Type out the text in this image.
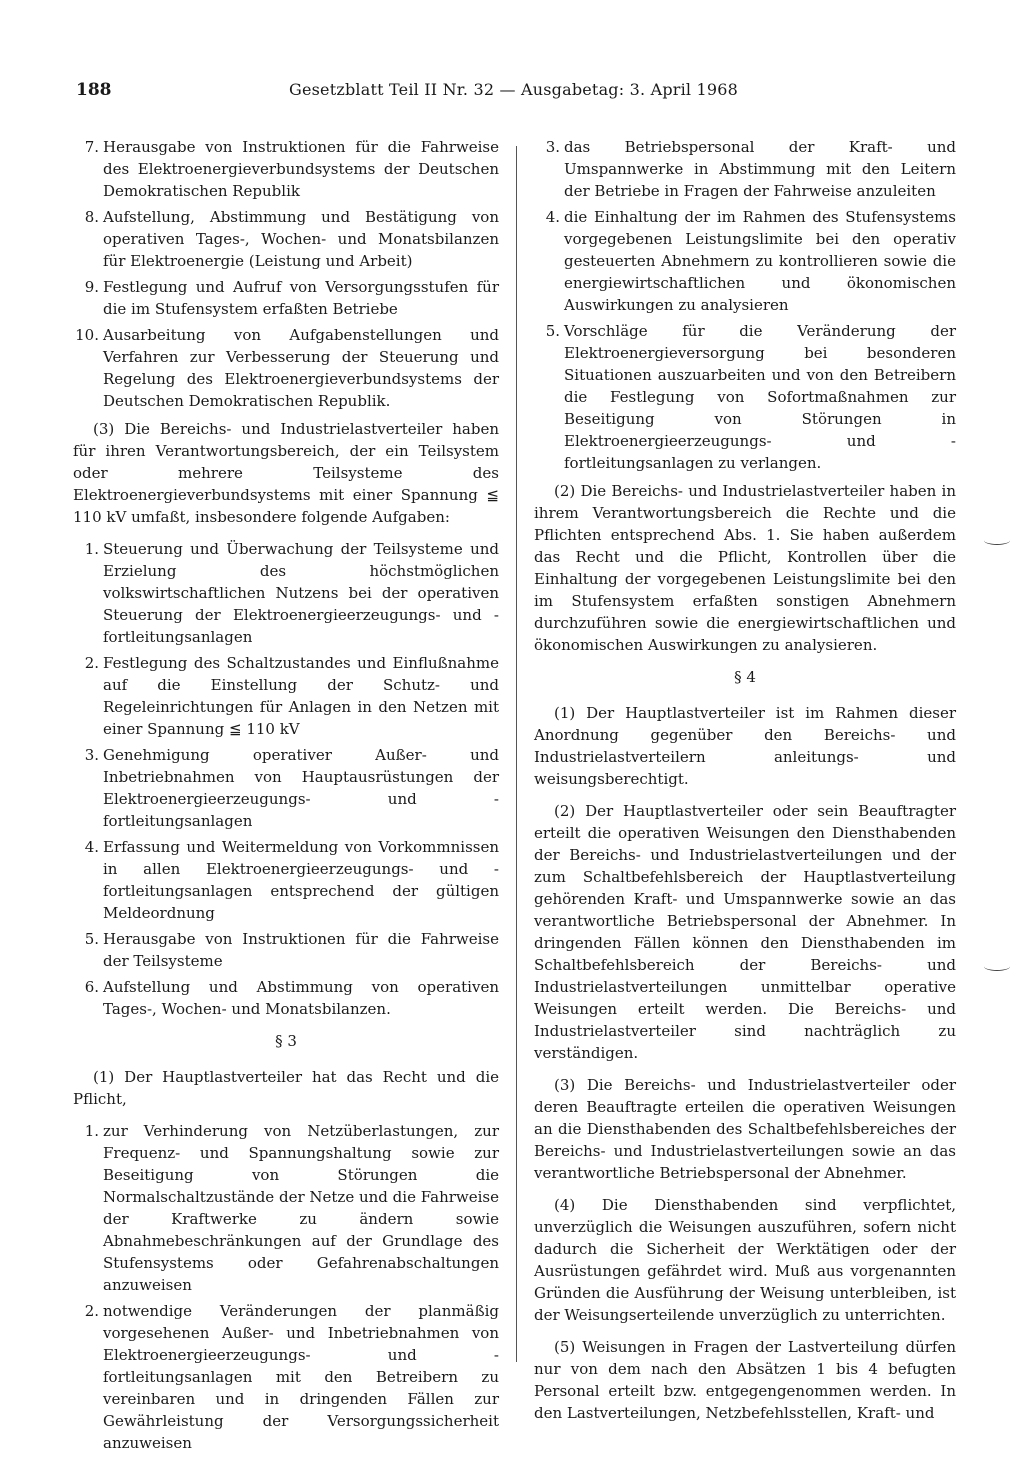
188	Gesetzblatt Teil II Nr. 32 — Ausgabetag: 3. April 1968
7. Herausgabe von Instruktionen für die Fahrweise des Elektroenergieverbundsystems der Deutschen Demokratischen Republik
8. Aufstellung, Abstimmung und Bestätigung von operativen Tages-, Wochen- und Monatsbilanzen für Elektroenergie (Leistung und Arbeit)
9. Festlegung und Aufruf von Versorgungsstufen für die im Stufensystem erfaßten Betriebe
10. Ausarbeitung von Aufgabenstellungen und Verfahren zur Verbesserung der Steuerung und Regelung des Elektroenergieverbundsystems der Deutschen Demokratischen Republik.

(3) Die Bereichs- und Industrielastverteiler haben für ihren Verantwortungsbereich, der ein Teilsystem oder mehrere Teilsysteme des Elektroenergieverbundsystems mit einer Spannung ≦ 110 kV umfaßt, insbesondere folgende Aufgaben:

1. Steuerung und Überwachung der Teilsysteme und Erzielung des höchstmöglichen volkswirtschaftlichen Nutzens bei der operativen Steuerung der Elektroenergieerzeugungs- und -fortleitungsanlagen
2. Festlegung des Schaltzustandes und Einflußnahme auf die Einstellung der Schutz- und Regeleinrichtungen für Anlagen in den Netzen mit einer Spannung ≦ 110 kV
3. Genehmigung operativer Außer- und Inbetriebnahmen von Hauptausrüstungen der Elektroenergieerzeugungs- und -fortleitungsanlagen
4. Erfassung und Weitermeldung von Vorkommnissen in allen Elektroenergieerzeugungs- und -fortleitungsanlagen entsprechend der gültigen Meldeordnung
5. Herausgabe von Instruktionen für die Fahrweise der Teilsysteme
6. Aufstellung und Abstimmung von operativen Tages-, Wochen- und Monatsbilanzen.
§ 3

(1) Der Hauptlastverteiler hat das Recht und die Pflicht,

1. zur Verhinderung von Netzüberlastungen, zur Frequenz- und Spannungshaltung sowie zur Beseitigung von Störungen die Normalschaltzustände der Netze und die Fahrweise der Kraftwerke zu ändern sowie Abnahmebeschränkungen auf der Grundlage des Stufensystems oder Gefahrenabschaltungen anzuweisen
2. notwendige Veränderungen der planmäßig vorgesehenen Außer- und Inbetriebnahmen von Elektroenergieerzeugungs- und -fortleitungsanlagen mit den Betreibern zu vereinbaren und in dringenden Fällen zur Gewährleistung der Versorgungssicherheit anzuweisen
3. das Betriebspersonal der Kraft- und Umspannwerke in Abstimmung mit den Leitern der Betriebe in Fragen der Fahrweise anzuleiten
4. die Einhaltung der im Rahmen des Stufensystems vorgegebenen Leistungslimite bei den operativ gesteuerten Abnehmern zu kontrollieren sowie die energiewirtschaftlichen und ökonomischen Auswirkungen zu analysieren
5. Vorschläge für die Veränderung der Elektroenergieversorgung bei besonderen Situationen auszuarbeiten und von den Betreibern die Festlegung von Sofortmaßnahmen zur Beseitigung von Störungen in Elektroenergieerzeugungs- und -fortleitungsanlagen zu verlangen.

(2) Die Bereichs- und Industrielastverteiler haben in ihrem Verantwortungsbereich die Rechte und die Pflichten entsprechend Abs. 1. Sie haben außerdem das Recht und die Pflicht, Kontrollen über die Einhaltung der vorgegebenen Leistungslimite bei den im Stufensystem erfaßten sonstigen Abnehmern durchzuführen sowie die energiewirtschaftlichen und ökonomischen Auswirkungen zu analysieren.

§ 4

(1) Der Hauptlastverteiler ist im Rahmen dieser Anordnung gegenüber den Bereichs- und Industrielastverteilern anleitungs- und weisungsberechtigt.

(2) Der Hauptlastverteiler oder sein Beauftragter erteilt die operativen Weisungen den Diensthabenden der Bereichs- und Industrielastverteilungen und der zum Schaltbefehlsbereich der Hauptlastverteilung gehörenden Kraft- und Umspannwerke sowie an das verantwortliche Betriebspersonal der Abnehmer. In dringenden Fällen können den Diensthabenden im Schaltbefehlsbereich der Bereichs- und Industrielastverteilungen unmittelbar operative Weisungen erteilt werden. Die Bereichs- und Industrielastverteiler sind nachträglich zu verständigen.

(3) Die Bereichs- und Industrielastverteiler oder deren Beauftragte erteilen die operativen Weisungen an die Diensthabenden des Schaltbefehlsbereiches der Bereichs- und Industrielastverteilungen sowie an das verantwortliche Betriebspersonal der Abnehmer.

(4) Die Diensthabenden sind verpflichtet, unverzüglich die Weisungen auszuführen, sofern nicht dadurch die Sicherheit der Werktätigen oder der Ausrüstungen gefährdet wird. Muß aus vorgenannten Gründen die Ausführung der Weisung unterbleiben, ist der Weisungserteilende unverzüglich zu unterrichten.

(5) Weisungen in Fragen der Lastverteilung dürfen nur von dem nach den Absätzen 1 bis 4 befugten Personal erteilt bzw. entgegengenommen werden. In den Lastverteilungen, Netzbefehlsstellen, Kraft- und
